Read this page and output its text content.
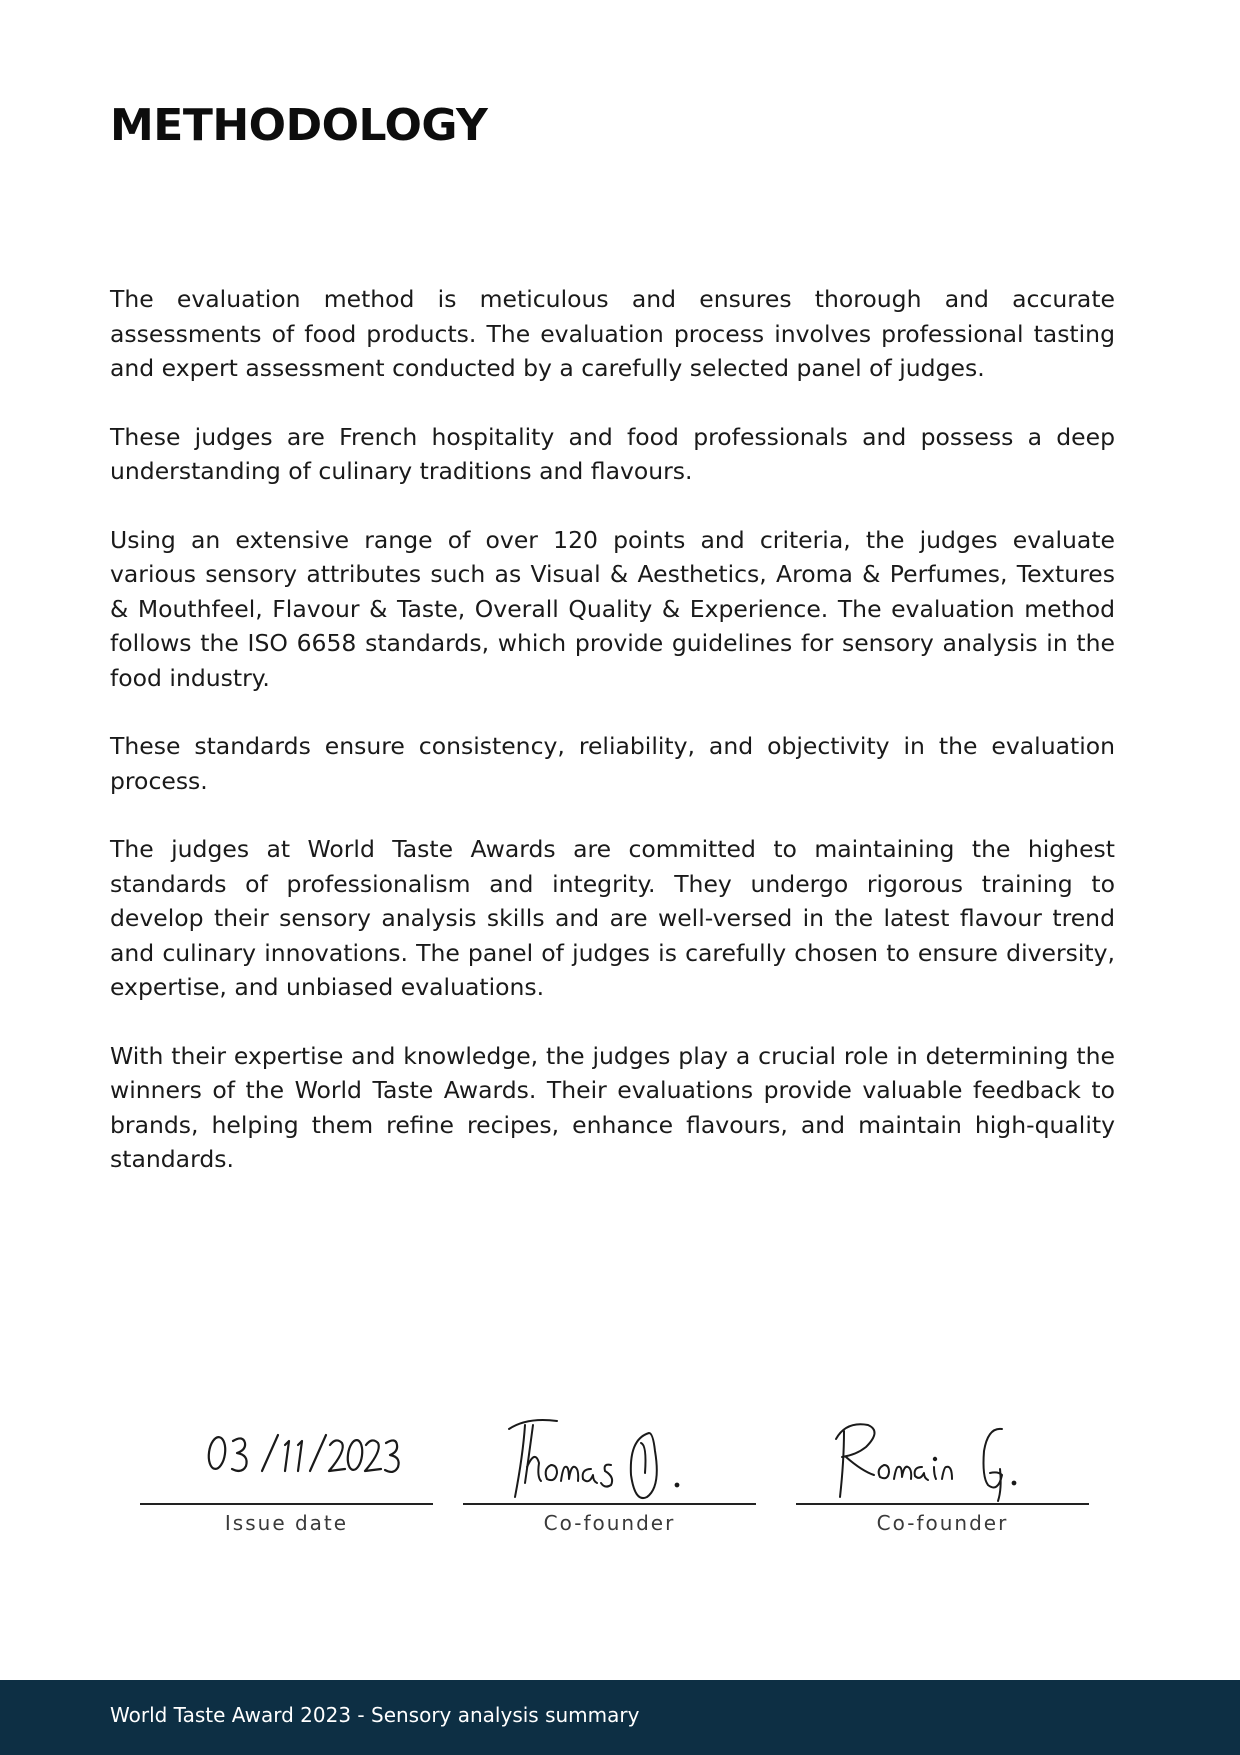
METHODOLOGY

The evaluation method is meticulous and ensures thorough and accurate assessments of food products. The evaluation process involves professional tasting and expert assessment conducted by a carefully selected panel of judges.

These judges are French hospitality and food professionals and possess a deep understanding of culinary traditions and flavours.

Using an extensive range of over 120 points and criteria, the judges evaluate various sensory attributes such as Visual & Aesthetics, Aroma & Perfumes, Textures & Mouthfeel, Flavour & Taste, Overall Quality & Experience. The evaluation method follows the ISO 6658 standards, which provide guidelines for sensory analysis in the food industry.

These standards ensure consistency, reliability, and objectivity in the evaluation process.

The judges at World Taste Awards are committed to maintaining the highest standards of professionalism and integrity. They undergo rigorous training to develop their sensory analysis skills and are well-versed in the latest flavour trend and culinary innovations. The panel of judges is carefully chosen to ensure diversity, expertise, and unbiased evaluations.

With their expertise and knowledge, the judges play a crucial role in determining the winners of the World Taste Awards. Their evaluations provide valuable feedback to brands, helping them refine recipes, enhance flavours, and maintain high-quality standards.

Issue date	Co-founder	Co-founder
World Taste Award 2023 - Sensory analysis summary
